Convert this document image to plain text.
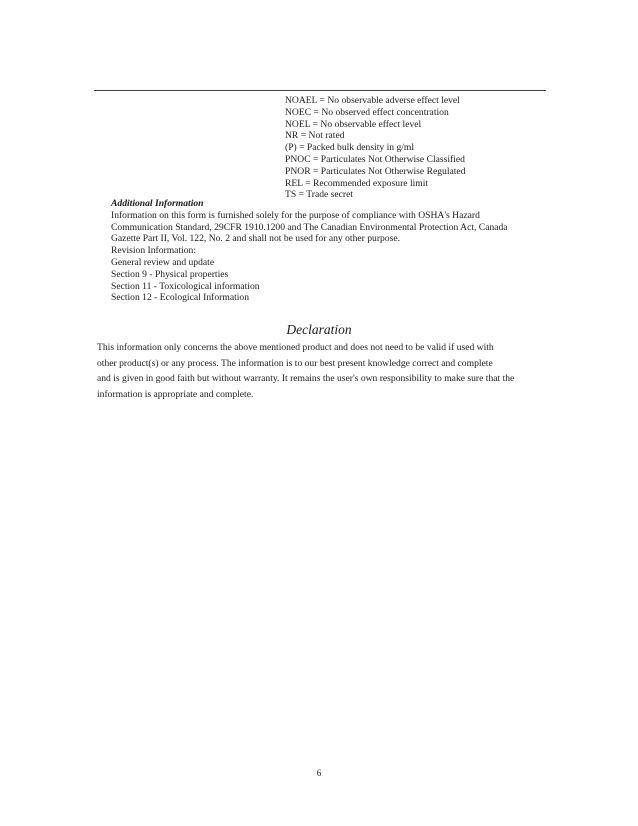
NOAEL = No observable adverse effect level
NOEC = No observed effect concentration
NOEL = No observable effect level
NR = Not rated
(P) = Packed bulk density in g/ml
PNOC = Particulates Not Otherwise Classified
PNOR = Particulates Not Otherwise Regulated
REL = Recommended exposure limit
TS = Trade secret
Additional Information
Information on this form is furnished solely for the purpose of compliance with OSHA's Hazard
Communication Standard, 29CFR 1910.1200 and The Canadian Environmental Protection Act, Canada
Gazette Part II, Vol. 122, No. 2 and shall not be used for any other purpose.
Revision Information:
General review and update
Section 9 - Physical properties
Section 11 - Toxicological information
Section 12 - Ecological Information
Declaration
This information only concerns the above mentioned product and does not need to be valid if used with
other product(s) or any process. The information is to our best present knowledge correct and complete
and is given in good faith but without warranty. It remains the user's own responsibility to make sure that the
information is appropriate and complete.
6
